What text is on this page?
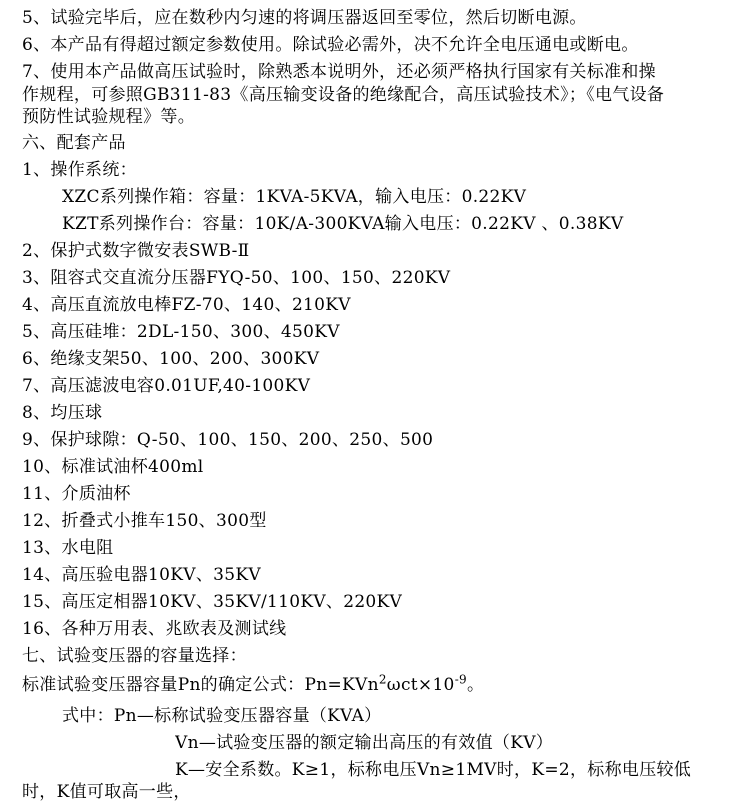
5、试验完毕后，应在数秒内匀速的将调压器返回至零位，然后切断电源。
6、本产品有得超过额定参数使用。除试验必需外，决不允许全电压通电或断电。
7、使用本产品做高压试验时，除熟悉本说明外，还必须严格执行国家有关标准和操
作规程，可参照GB311-83《高压输变设备的绝缘配合，高压试验技术》；《电气设备
预防性试验规程》等。
六、配套产品
1、操作系统：
XZC系列操作箱：容量：1KVA-5KVA，输入电压：0.22KV
KZT系列操作台：容量：10K/A-300KVA输入电压：0.22KV 、0.38KV
2、保护式数字微安表SWB-Ⅱ
3、阻容式交直流分压器FYQ-50、100、150、220KV
4、高压直流放电棒FZ-70、140、210KV
5、高压硅堆：2DL-150、300、450KV
6、绝缘支架50、100、200、300KV
7、高压滤波电容0.01UF,40-100KV
8、均压球
9、保护球隙：Q-50、100、150、200、250、500
10、标准试油杯400ml
11、介质油杯
12、折叠式小推车150、300型
13、水电阻
14、高压验电器10KV、35KV
15、高压定相器10KV、35KV/110KV、220KV
16、各种万用表、兆欧表及测试线
七、试验变压器的容量选择：
标准试验变压器容量Pn的确定公式：$Pn=KVn^2\omega ct\times 10^{-9}$。
式中：Pn—标称试验变压器容量（KVA）
Vn—试验变压器的额定输出高压的有效值（KV）
K—安全系数。K≥1，标称电压Vn≥1MV时，K=2，标称电压较低
时，K值可取高一些，
